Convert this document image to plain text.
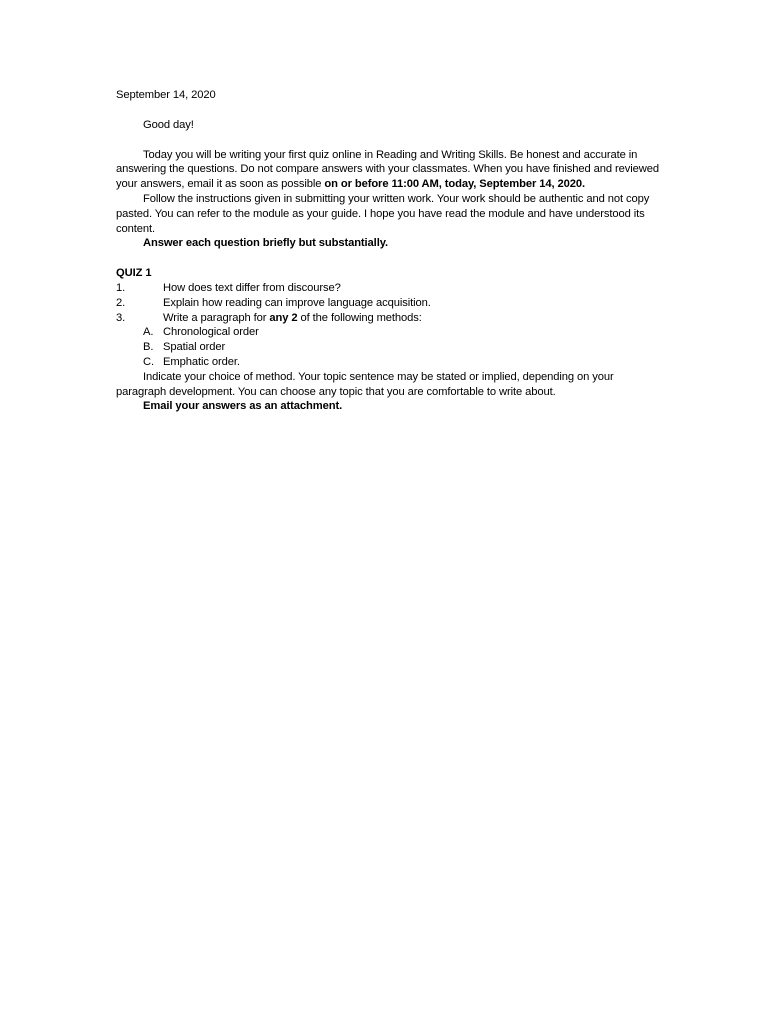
September 14, 2020

Good day!

Today you will be writing your first quiz online in Reading and Writing Skills. Be honest and accurate in answering the questions. Do not compare answers with your classmates. When you have finished and reviewed your answers, email it as soon as possible on or before 11:00 AM, today, September 14, 2020.

Follow the instructions given in submitting your written work. Your work should be authentic and not copy pasted. You can refer to the module as your guide. I hope you have read the module and have understood its content.

Answer each question briefly but substantially.

QUIZ 1

1.	How does text differ from discourse?
2.	Explain how reading can improve language acquisition.
3.	Write a paragraph for any 2 of the following methods:
A. Chronological order
B. Spatial order
C. Emphatic order.

Indicate your choice of method. Your topic sentence may be stated or implied, depending on your paragraph development. You can choose any topic that you are comfortable to write about.

Email your answers as an attachment.
